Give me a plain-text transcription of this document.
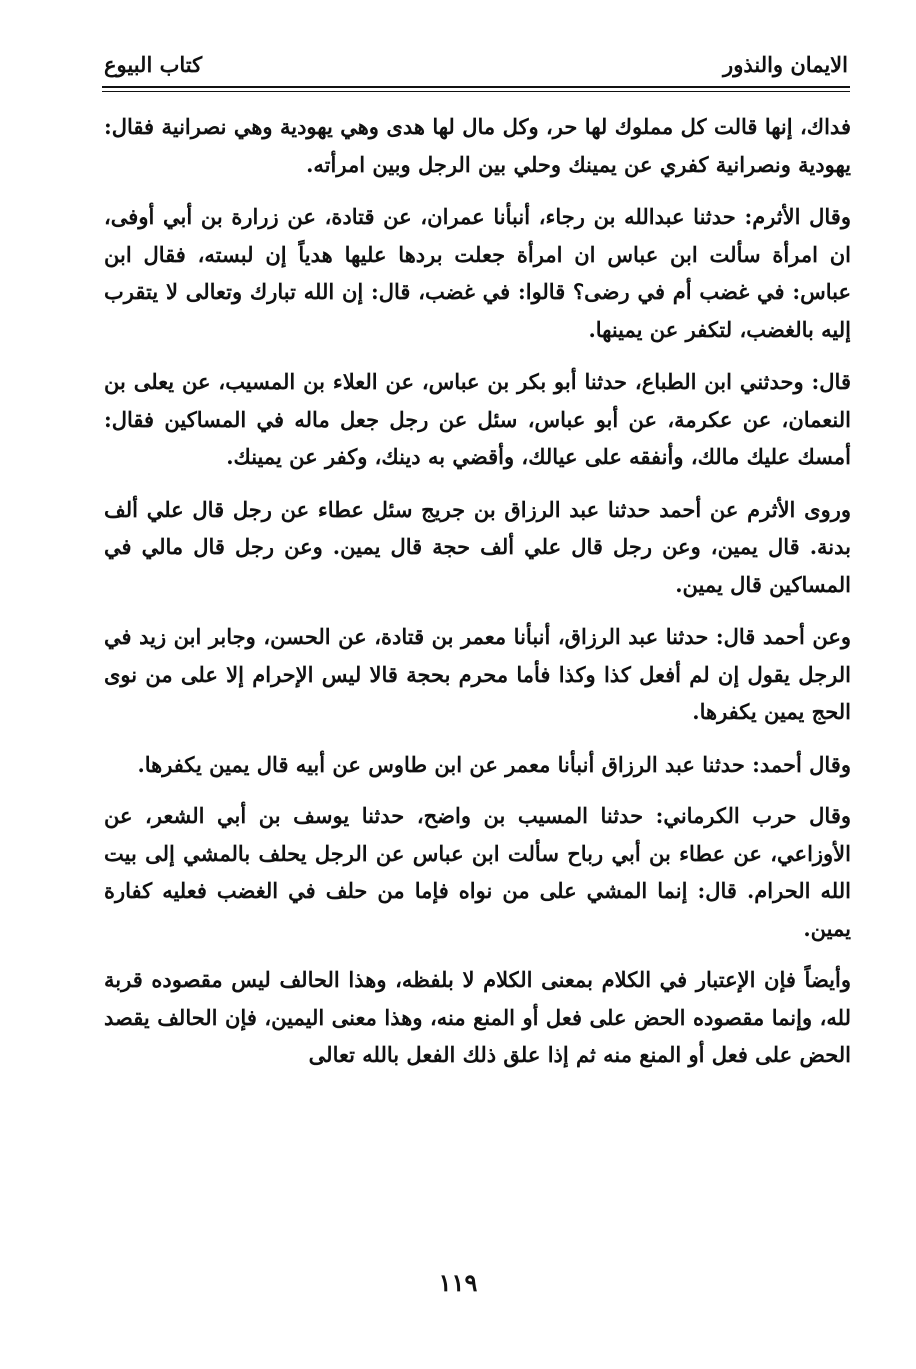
الايمان والنذور
كتاب البيوع

فداك، إنها قالت كل مملوك لها حر، وكل مال لها هدى وهي يهودية وهي نصرانية فقال: يهودية ونصرانية كفري عن يمينك وحلي بين الرجل وبين امرأته.

وقال الأثرم: حدثنا عبدالله بن رجاء، أنبأنا عمران، عن قتادة، عن زرارة بن أبي أوفى، ان امرأة سألت ابن عباس ان امرأة جعلت بردها عليها هدياً إن لبسته، فقال ابن عباس: في غضب أم في رضى؟ قالوا: في غضب، قال: إن الله تبارك وتعالى لا يتقرب إليه بالغضب، لتكفر عن يمينها.

قال: وحدثني ابن الطباع، حدثنا أبو بكر بن عباس، عن العلاء بن المسيب، عن يعلى بن النعمان، عن عكرمة، عن أبو عباس، سئل عن رجل جعل ماله في المساكين فقال: أمسك عليك مالك، وأنفقه على عيالك، وأقضي به دينك، وكفر عن يمينك.

وروى الأثرم عن أحمد حدثنا عبد الرزاق بن جريج سئل عطاء عن رجل قال علي ألف بدنة. قال يمين، وعن رجل قال علي ألف حجة قال يمين. وعن رجل قال مالي في المساكين قال يمين.

وعن أحمد قال: حدثنا عبد الرزاق، أنبأنا معمر بن قتادة، عن الحسن، وجابر ابن زيد في الرجل يقول إن لم أفعل كذا وكذا فأما محرم بحجة قالا ليس الإحرام إلا على من نوى الحج يمين يكفرها.

وقال أحمد: حدثنا عبد الرزاق أنبأنا معمر عن ابن طاوس عن أبيه قال يمين يكفرها.

وقال حرب الكرماني: حدثنا المسيب بن واضح، حدثنا يوسف بن أبي الشعر، عن الأوزاعي، عن عطاء بن أبي رباح سألت ابن عباس عن الرجل يحلف بالمشي إلى بيت الله الحرام. قال: إنما المشي على من نواه فإما من حلف في الغضب فعليه كفارة يمين.

وأيضاً فإن الإعتبار في الكلام بمعنى الكلام لا بلفظه، وهذا الحالف ليس مقصوده قربة لله، وإنما مقصوده الحض على فعل أو المنع منه، وهذا معنى اليمين، فإن الحالف يقصد الحض على فعل أو المنع منه ثم إذا علق ذلك الفعل بالله تعالى

١١٩
